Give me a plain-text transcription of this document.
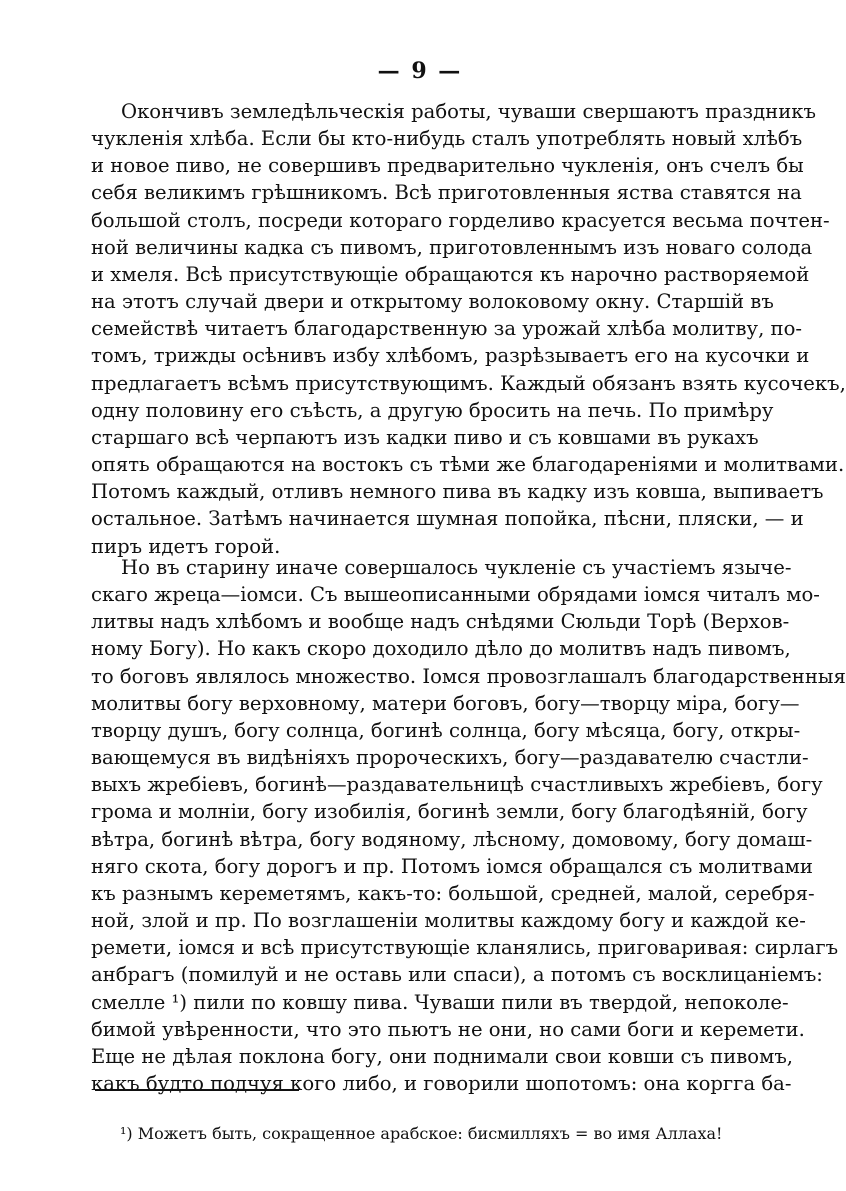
— 9 —
Окончивъ земледѣльческія работы, чуваши свершаютъ праздникъ
чукленія хлѣба. Если бы кто-нибудь сталъ употреблять новый хлѣбъ
и новое пиво, не совершивъ предварительно чукленія, онъ счелъ бы
себя великимъ грѣшникомъ. Всѣ приготовленныя яства ставятся на
большой столъ, посреди котораго горделиво красуется весьма почтен-
ной величины кадка съ пивомъ, приготовленнымъ изъ новаго солода
и хмеля. Всѣ присутствующіе обращаются къ нарочно растворяемой
на этотъ случай двери и открытому волоковому окну. Старшій въ
семействѣ читаетъ благодарственную за урожай хлѣба молитву, по-
томъ, трижды осѣнивъ избу хлѣбомъ, разрѣзываетъ его на кусочки и
предлагаетъ всѣмъ присутствующимъ. Каждый обязанъ взять кусочекъ,
одну половину его съѣсть, а другую бросить на печь. По примѣру
старшаго всѣ черпаютъ изъ кадки пиво и съ ковшами въ рукахъ
опять обращаются на востокъ съ тѣми же благодареніями и молитвами.
Потомъ каждый, отливъ немного пива въ кадку изъ ковша, выпиваетъ
остальное. Затѣмъ начинается шумная попойка, пѣсни, пляски, — и
пиръ идетъ горой.
Но въ старину иначе совершалось чукленіе съ участіемъ языче-
скаго жреца—іомси. Съ вышеописанными обрядами іомся читалъ мо-
литвы надъ хлѣбомъ и вообще надъ снѣдями Сюльди Торѣ (Верхов-
ному Богу). Но какъ скоро доходило дѣло до молитвъ надъ пивомъ,
то боговъ являлось множество. Іомся провозглашалъ благодарственныя
молитвы богу верховному, матери боговъ, богу—творцу міра, богу—
творцу душъ, богу солнца, богинѣ солнца, богу мѣсяца, богу, откры-
вающемуся въ видѣніяхъ пророческихъ, богу—раздавателю счастли-
выхъ жребіевъ, богинѣ—раздавательницѣ счастливыхъ жребіевъ, богу
грома и молніи, богу изобилія, богинѣ земли, богу благодѣяній, богу
вѣтра, богинѣ вѣтра, богу водяному, лѣсному, домовому, богу домаш-
няго скота, богу дорогъ и пр. Потомъ іомся обращался съ молитвами
къ разнымъ кереметямъ, какъ-то: большой, средней, малой, серебря-
ной, злой и пр. По возглашеніи молитвы каждому богу и каждой ке-
ремети, іомся и всѣ присутствующіе кланялись, приговаривая: сирлагъ
анбрагъ (помилуй и не оставь или спаси), а потомъ съ восклицаніемъ:
смелле ¹) пили по ковшу пива. Чуваши пили въ твердой, непоколе-
бимой увѣренности, что это пьютъ не они, но сами боги и керемети.
Еще не дѣлая поклона богу, они поднимали свои ковши съ пивомъ,
какъ будто подчуя кого либо, и говорили шопотомъ: она коргга ба-
¹) Можетъ быть, сокращенное арабское: бисмилляхъ = во имя Аллаха!
